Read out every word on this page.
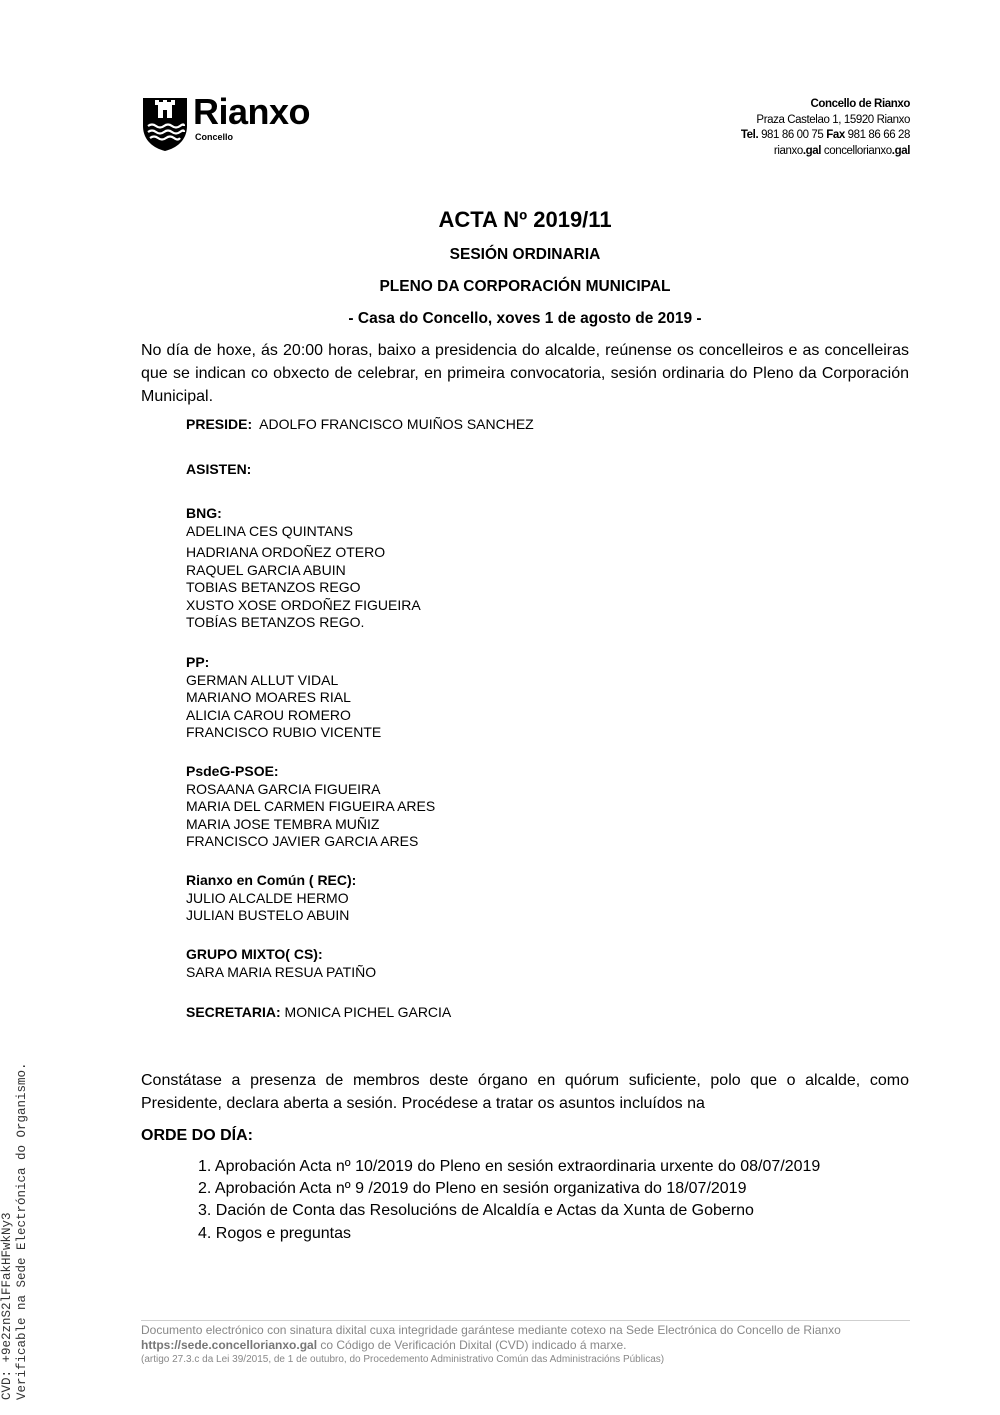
Rianxo
Concello
Concello de Rianxo
Praza Castelao 1, 15920 Rianxo
Tel. 981 86 00 75 Fax 981 86 66 28
rianxo.gal concellorianxo.gal
ACTA Nº 2019/11
SESIÓN ORDINARIA
PLENO DA CORPORACIÓN MUNICIPAL
- Casa do Concello, xoves 1 de agosto de 2019 -
No día de hoxe, ás 20:00 horas, baixo a presidencia do alcalde, reúnense os concelleiros e as concelleiras que se indican co obxecto de celebrar, en primeira convocatoria, sesión ordinaria do Pleno da Corporación Municipal.
PRESIDE: ADOLFO FRANCISCO MUIÑOS SANCHEZ
ASISTEN:
BNG:
ADELINA CES QUINTANS
HADRIANA ORDOÑEZ OTERO
RAQUEL GARCIA ABUIN
TOBIAS BETANZOS REGO
XUSTO XOSE ORDOÑEZ FIGUEIRA
TOBÍAS BETANZOS REGO.
PP:
GERMAN ALLUT VIDAL
MARIANO MOARES RIAL
ALICIA CAROU ROMERO
FRANCISCO RUBIO VICENTE
PsdeG-PSOE:
ROSAANA GARCIA FIGUEIRA
MARIA DEL CARMEN FIGUEIRA ARES
MARIA JOSE TEMBRA MUÑIZ
FRANCISCO JAVIER GARCIA ARES
Rianxo en Común ( REC):
JULIO ALCALDE HERMO
JULIAN BUSTELO ABUIN
GRUPO MIXTO( CS):
SARA MARIA RESUA PATIÑO
SECRETARIA: MONICA PICHEL GARCIA
Constátase a presenza de membros deste órgano en quórum suficiente, polo que o alcalde, como Presidente, declara aberta a sesión. Procédese a tratar os asuntos incluídos na
ORDE DO DÍA:
1. Aprobación Acta nº 10/2019 do Pleno en sesión extraordinaria urxente do 08/07/2019
2. Aprobación Acta nº 9 /2019 do Pleno en sesión organizativa do 18/07/2019
3. Dación de Conta das Resolucións de Alcaldía e Actas da Xunta de Goberno
4. Rogos e preguntas
Documento electrónico con sinatura dixital cuxa integridade garántese mediante cotexo na Sede Electrónica do Concello de Rianxo
https://sede.concellorianxo.gal co Código de Verificación Dixital (CVD) indicado á marxe.
(artigo 27.3.c da Lei 39/2015, de 1 de outubro, do Procedemento Administrativo Común das Administracións Públicas)
CVD: +9e2znS2lFFakHFwkNy3 Verificable na Sede Electrónica do Organismo.
